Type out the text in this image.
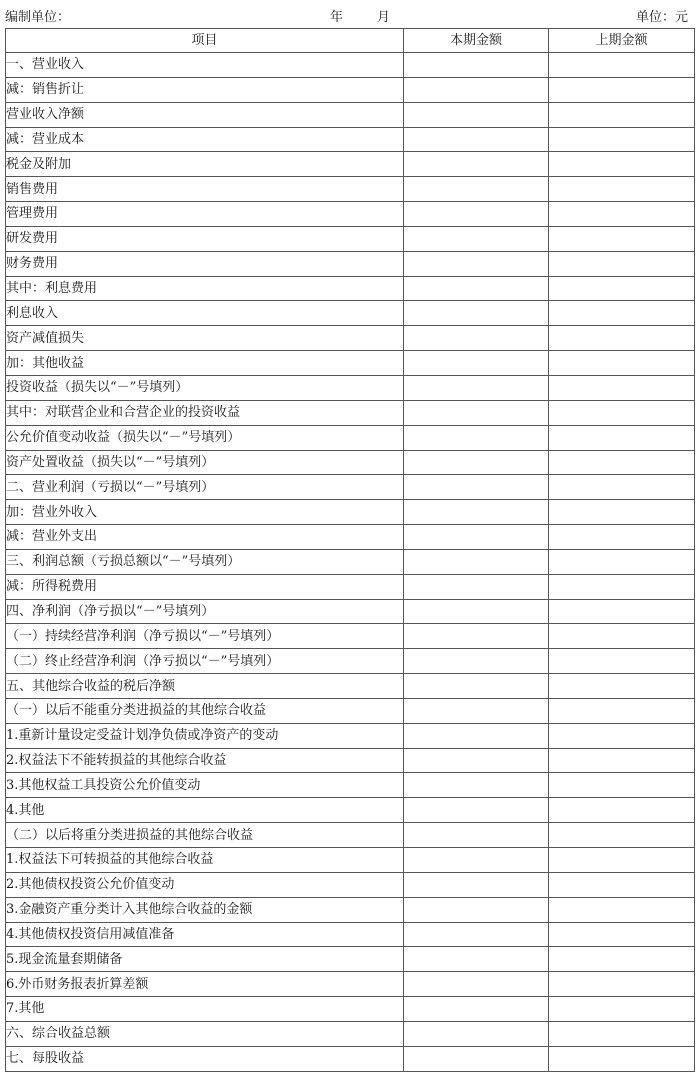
编制单位：	年	月	单位：元
项目	本期金额	上期金额
一、营业收入		
减：销售折让		
营业收入净额		
减：营业成本		
税金及附加		
销售费用		
管理费用		
研发费用		
财务费用		
其中：利息费用		
利息收入		
资产减值损失		
加：其他收益		
投资收益（损失以“－”号填列）		
其中：对联营企业和合营企业的投资收益		
公允价值变动收益（损失以“－”号填列）		
资产处置收益（损失以“－”号填列）		
二、营业利润（亏损以“－”号填列）		
加：营业外收入		
减：营业外支出		
三、利润总额（亏损总额以“－”号填列）		
减：所得税费用		
四、净利润（净亏损以“－”号填列）		
（一）持续经营净利润（净亏损以“－”号填列）		
（二）终止经营净利润（净亏损以“－”号填列）		
五、其他综合收益的税后净额		
（一）以后不能重分类进损益的其他综合收益		
1.重新计量设定受益计划净负债或净资产的变动		
2.权益法下不能转损益的其他综合收益		
3.其他权益工具投资公允价值变动		
4.其他		
（二）以后将重分类进损益的其他综合收益		
1.权益法下可转损益的其他综合收益		
2.其他债权投资公允价值变动		
3.金融资产重分类计入其他综合收益的金额		
4.其他债权投资信用减值准备		
5.现金流量套期储备		
6.外币财务报表折算差额		
7.其他		
六、综合收益总额		
七、每股收益		
